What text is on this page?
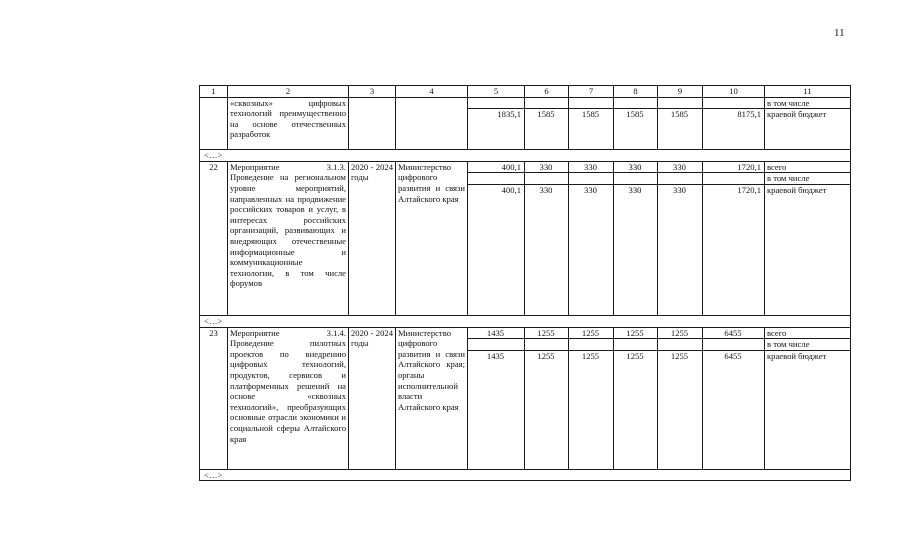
11
1	2	3	4	5	6	7	8	9	10	11
	«сквозных» цифровых технологий преимущественно на основе отечественных разработок									в том числе
				1835,1	1585	1585	1585	1585	8175,1	краевой бюджет
<…>										
22	Мероприятие 3.1.3. Проведение на региональном уровне мероприятий, направленных на продвижение российских товаров и услуг, в интересах российских организаций, развивающих и внедряющих отечественные информационные и коммуникационные технологии, в том числе форумов	2020 - 2024 годы	Министерство цифрового развития и связи Алтайского края	400,1	330	330	330	330	1720,1	всего
										в том числе
				400,1	330	330	330	330	1720,1	краевой бюджет
<…>										
23	Мероприятие 3.1.4. Проведение пилотных проектов по внедрению цифровых технологий, продуктов, сервисов и платформенных решений на основе «сквозных технологий», преобразующих основные отрасли экономики и социальной сферы Алтайского края	2020 - 2024 годы	Министерство цифрового развития и связи Алтайского края; органы исполнительной власти Алтайского края	1435	1255	1255	1255	1255	6455	всего
										в том числе
				1435	1255	1255	1255	1255	6455	краевой бюджет
<…>										
